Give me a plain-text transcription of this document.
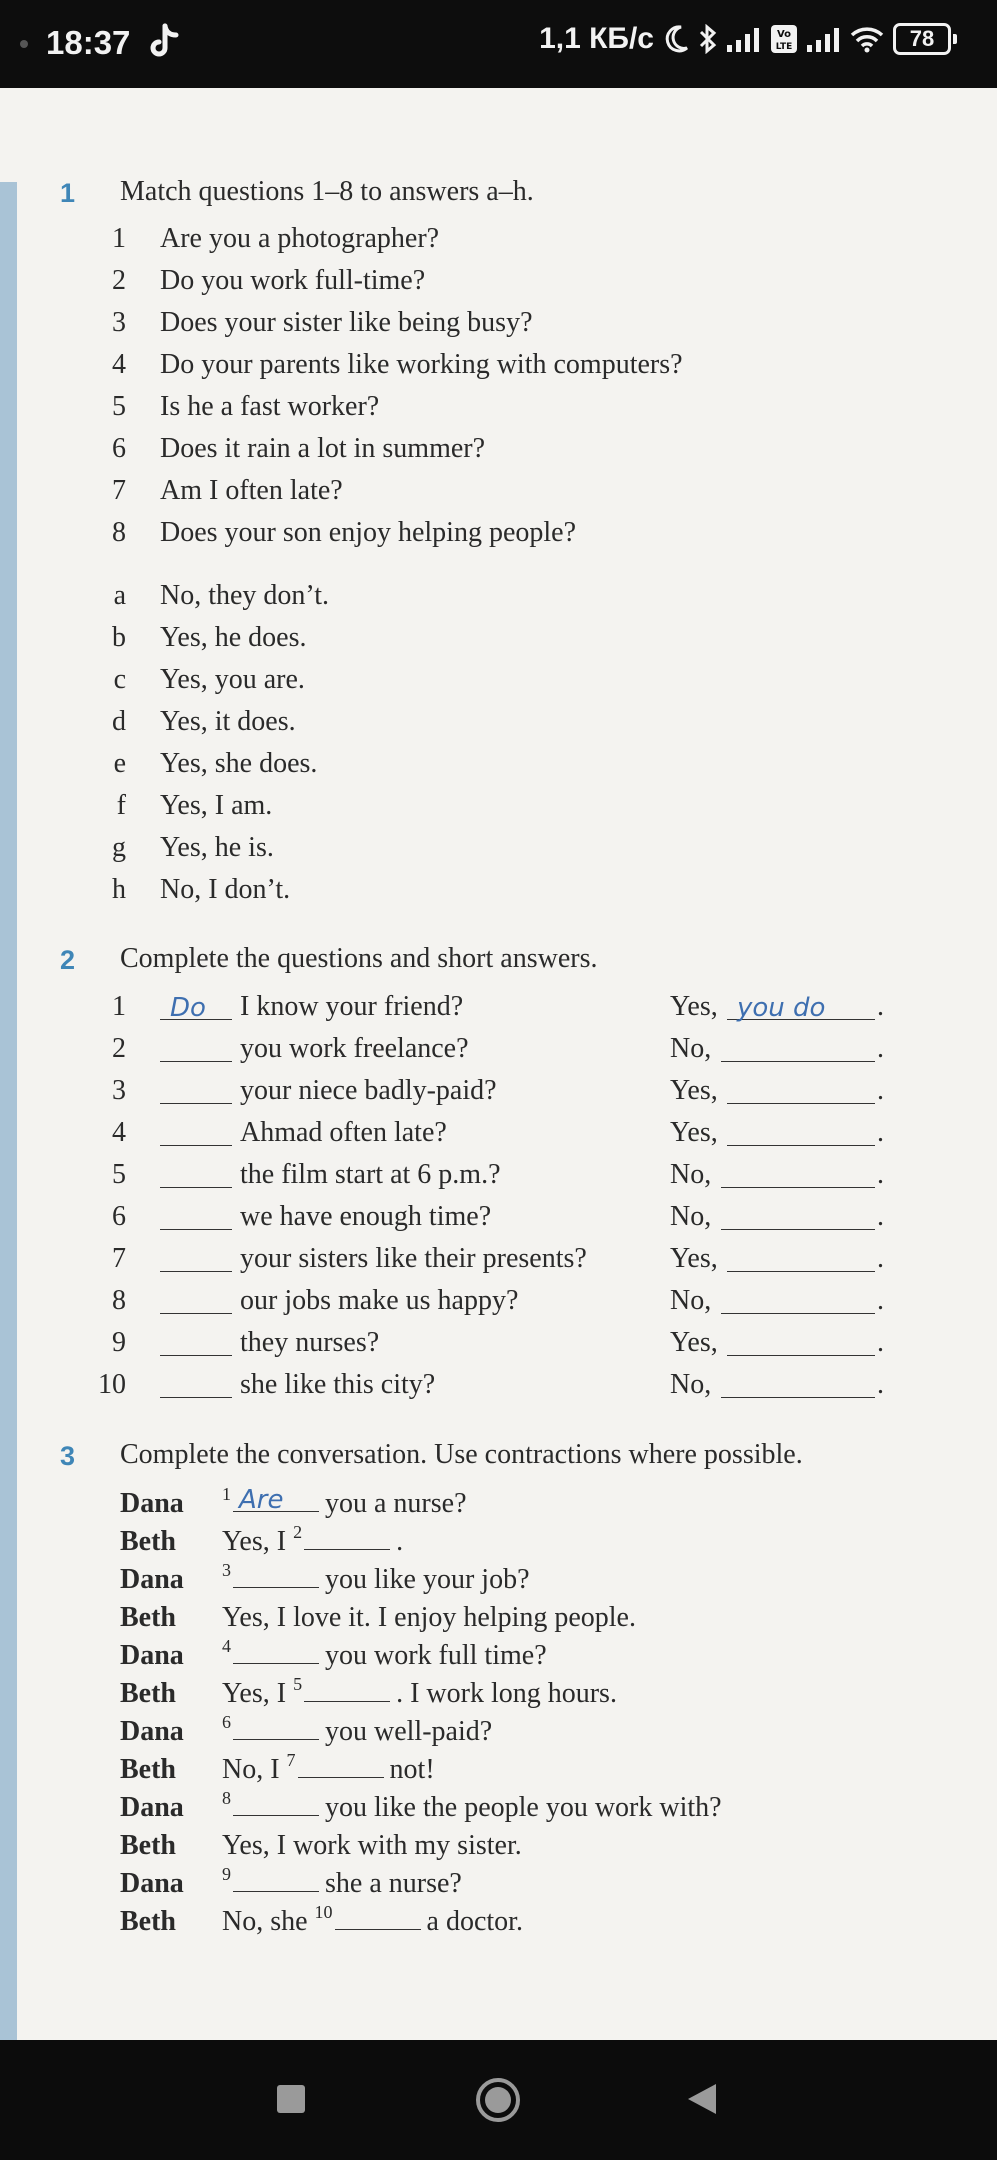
18:37	1,1 КБ/с	Vo
LTE	78
1 Match questions 1–8 to answers a–h.
1 Are you a photographer?
2 Do you work full-time?
3 Does your sister like being busy?
4 Do your parents like working with computers?
5 Is he a fast worker?
6 Does it rain a lot in summer?
7 Am I often late?
8 Does your son enjoy helping people?
a No, they don’t.
b Yes, he does.
c Yes, you are.
d Yes, it does.
e Yes, she does.
f Yes, I am.
g Yes, he is.
h No, I don’t.
2 Complete the questions and short answers.
1 Do I know your friend?	Yes, you do .
2	you work freelance?	No,	.
3	your niece badly-paid?	Yes,	.
4	Ahmad often late?	Yes,	.
5	the film start at 6 p.m.?	No,	.
6	we have enough time?	No,	.
7	your sisters like their presents?	Yes,	.
8	our jobs make us happy?	No,	.
9	they nurses?	Yes,	.
10	she like this city?	No,	.
3 Complete the conversation. Use contractions where possible.
Dana $^1$ Are you a nurse?
Beth Yes, I $^2$	.
Dana $^3$	you like your job?
Beth Yes, I love it. I enjoy helping people.
Dana $^4$	you work full time?
Beth Yes, I $^5$	. I work long hours.
Dana $^6$	you well-paid?
Beth No, I $^7$	not!
Dana $^8$	you like the people you work with?
Beth Yes, I work with my sister.
Dana $^9$	she a nurse?
Beth No, she $^{10}$	a doctor.
